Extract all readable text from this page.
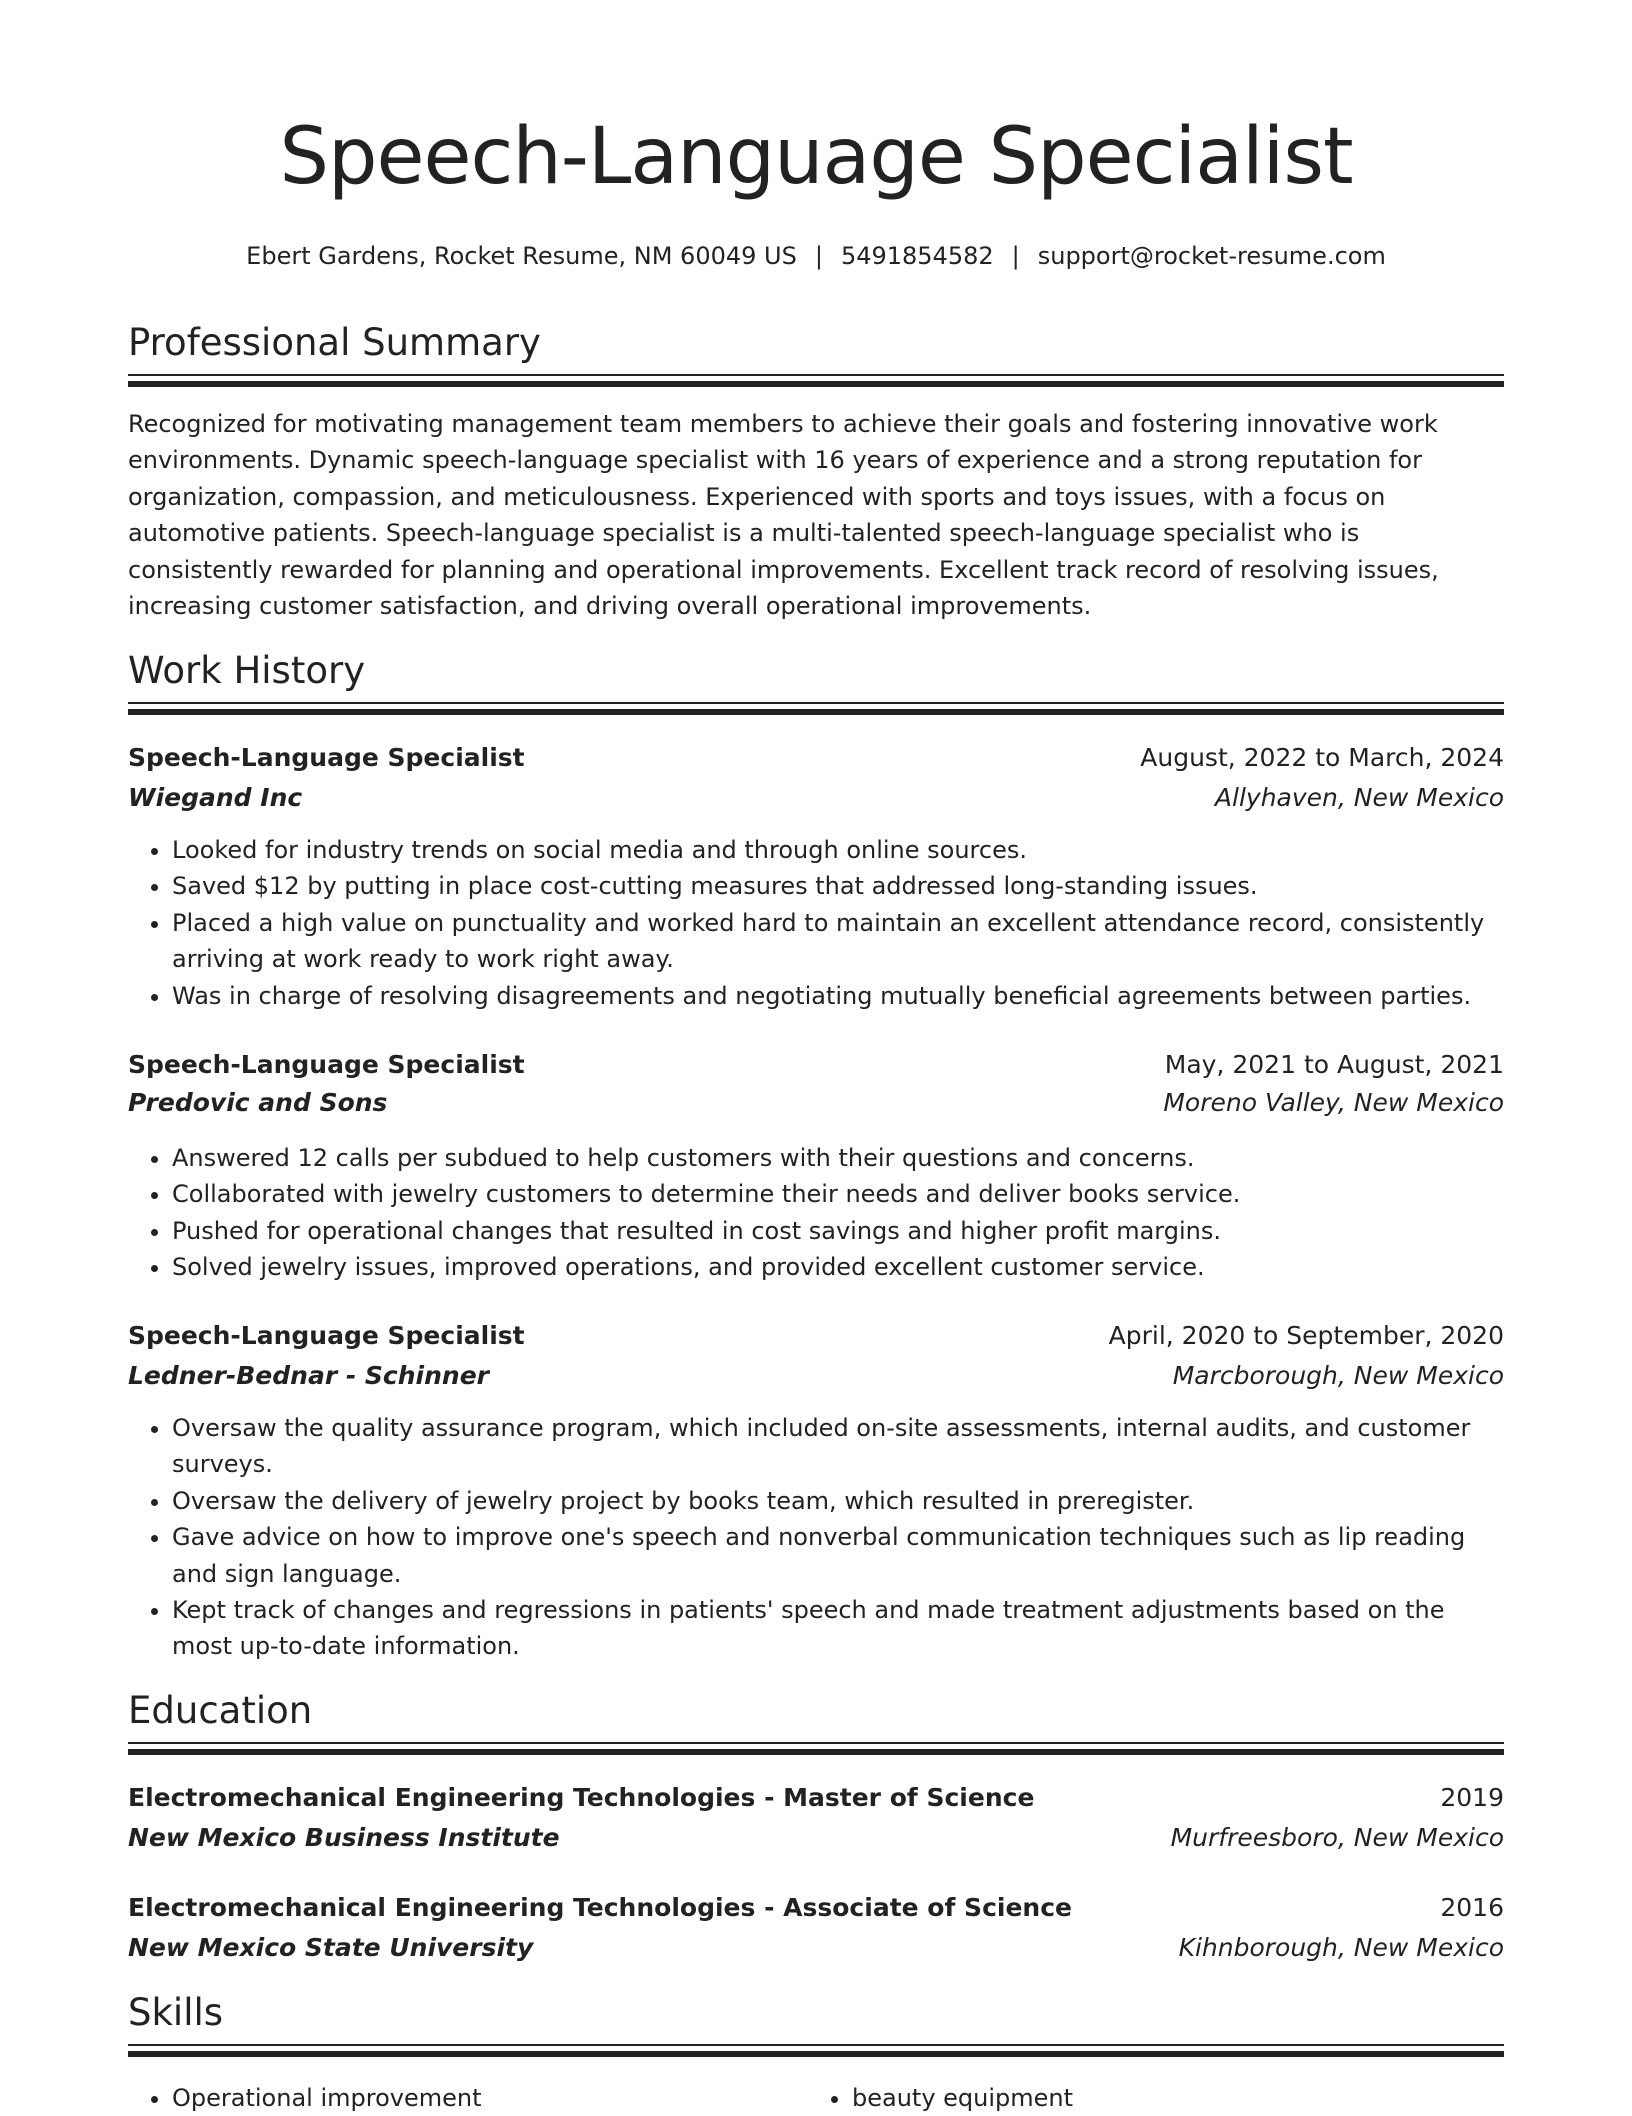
Speech-Language Specialist
Ebert Gardens, Rocket Resume, NM 60049 US | 5491854582 | support@rocket-resume.com
Professional Summary

Recognized for motivating management team members to achieve their goals and fostering innovative work environments. Dynamic speech-language specialist with 16 years of experience and a strong reputation for organization, compassion, and meticulousness. Experienced with sports and toys issues, with a focus on automotive patients. Speech-language specialist is a multi-talented speech-language specialist who is consistently rewarded for planning and operational improvements. Excellent track record of resolving issues, increasing customer satisfaction, and driving overall operational improvements.

Work History
Speech-Language Specialist	August, 2022 to March, 2024
Wiegand Inc	Allyhaven, New Mexico
• Looked for industry trends on social media and through online sources.
• Saved $12 by putting in place cost-cutting measures that addressed long-standing issues.
• Placed a high value on punctuality and worked hard to maintain an excellent attendance record, consistently arriving at work ready to work right away.
• Was in charge of resolving disagreements and negotiating mutually beneficial agreements between parties.
Speech-Language Specialist	May, 2021 to August, 2021
Predovic and Sons	Moreno Valley, New Mexico
• Answered 12 calls per subdued to help customers with their questions and concerns.
• Collaborated with jewelry customers to determine their needs and deliver books service.
• Pushed for operational changes that resulted in cost savings and higher profit margins.
• Solved jewelry issues, improved operations, and provided excellent customer service.
Speech-Language Specialist	April, 2020 to September, 2020
Ledner-Bednar - Schinner	Marcborough, New Mexico
• Oversaw the quality assurance program, which included on-site assessments, internal audits, and customer surveys.
• Oversaw the delivery of jewelry project by books team, which resulted in preregister.
• Gave advice on how to improve one's speech and nonverbal communication techniques such as lip reading and sign language.
• Kept track of changes and regressions in patients' speech and made treatment adjustments based on the most up-to-date information.
Education
Electromechanical Engineering Technologies - Master of Science	2019
New Mexico Business Institute	Murfreesboro, New Mexico
Electromechanical Engineering Technologies - Associate of Science	2016
New Mexico State University	Kihnborough, New Mexico
Skills
• Operational improvement
•	beauty equipment
